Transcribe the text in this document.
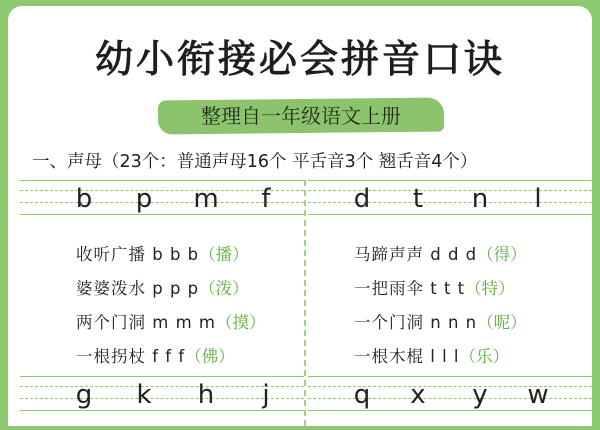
幼小衔接必会拼音口诀
整理自一年级语文上册
一、声母（23个：普通声母16个 平舌音3个 翘舌音4个）
b	p	m	f
收听广播 b b b（播）
婆婆泼水 p p p（泼）
两个门洞 m m m（摸）
一根拐杖 f f f（佛）
g	k	h	j
d	t	n	l
马蹄声声 d d d（得）
一把雨伞 t t t（特）
一个门洞 n n n（呢）
一根木棍 l l l（乐）
q	x	y	w
